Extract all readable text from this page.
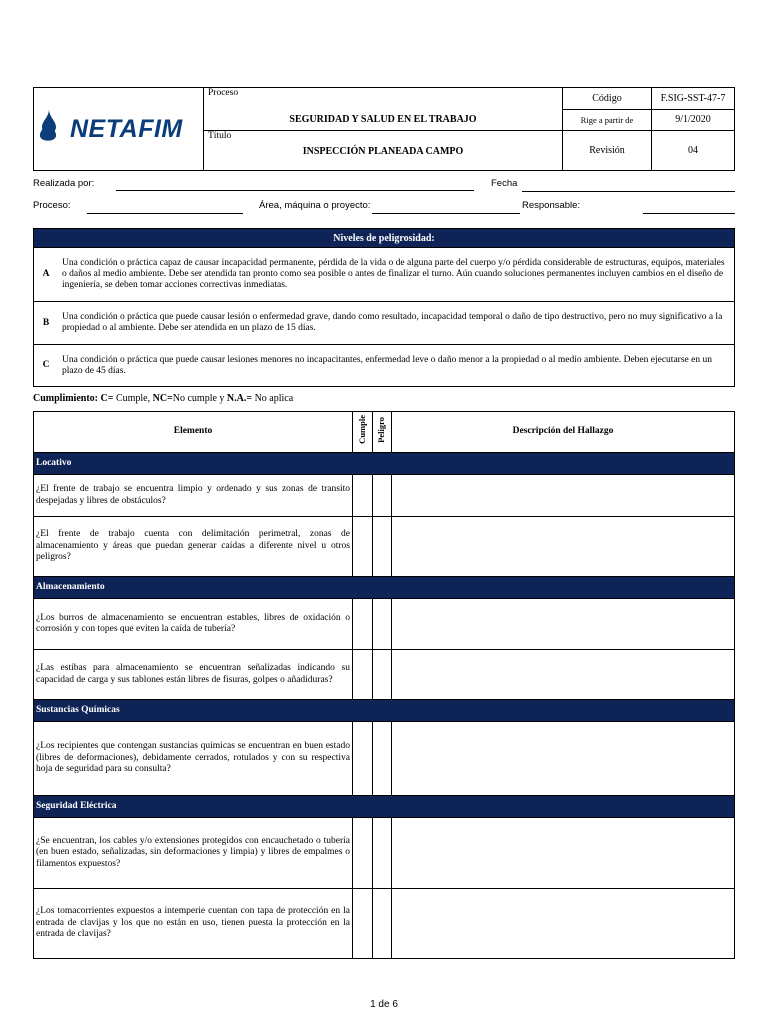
NETAFIM	Proceso	Código	F.SIG-SST-47-7
	SEGURIDAD Y SALUD EN EL TRABAJO	Rige a partir de	9/1/2020

	Título
INSPECCIÓN PLANEADA CAMPO	Revisión	04
Realizada por:	Fecha
Proceso:	Área, máquina o proyecto:	Responsable:
Niveles de peligrosidad:	
A	Una condición o práctica capaz de causar incapacidad permanente, pérdida de la vida o de alguna parte del cuerpo y/o pérdida considerable de estructuras, equipos, materiales o daños al medio ambiente. Debe ser atendida tan pronto como sea posible o antes de finalizar el turno. Aún cuando soluciones permanentes incluyen cambios en el diseño de ingeniería, se deben tomar acciones correctivas inmediatas.
B	Una condición o práctica que puede causar lesión o enfermedad grave, dando como resultado, incapacidad temporal o daño de tipo destructivo, pero no muy significativo a la propiedad o al ambiente. Debe ser atendida en un plazo de 15 días.
C	Una condición o práctica que puede causar lesiones menores no incapacitantes, enfermedad leve o daño menor a la propiedad o al medio ambiente. Deben ejecutarse en un plazo de 45 días.
Cumplimiento: C= Cumple, NC=No cumple y N.A.= No aplica
Elemento	Cumple	Peligro	Descripción del Hallazgo
Locativo			
¿El frente de trabajo se encuentra limpio y ordenado y sus zonas de transito despejadas y libres de obstáculos?			
¿El frente de trabajo cuenta con delimitación perimetral, zonas de almacenamiento y áreas que puedan generar caídas a diferente nivel u otros peligros?			
Almacenamiento			
¿Los burros de almacenamiento se encuentran estables, libres de oxidación o corrosión y con topes que eviten la caída de tubería?			
¿Las estibas para almacenamiento se encuentran señalizadas indicando su capacidad de carga y sus tablones están libres de fisuras, golpes o añadiduras?			
Sustancias Químicas			
¿Los recipientes que contengan sustancias químicas se encuentran en buen estado (libres de deformaciones), debidamente cerrados, rotulados y con su respectiva hoja de seguridad para su consulta?			
Seguridad Eléctrica			
¿Se encuentran, los cables y/o extensiones protegidos con encauchetado o tubería (en buen estado, señalizadas, sin deformaciones y limpia) y libres de empalmes o filamentos expuestos?			
¿Los tomacorrientes expuestos a intemperie cuentan con tapa de protección en la entrada de clavijas y los que no están en uso, tienen puesta la protección en la entrada de clavijas?			
1 de 6
